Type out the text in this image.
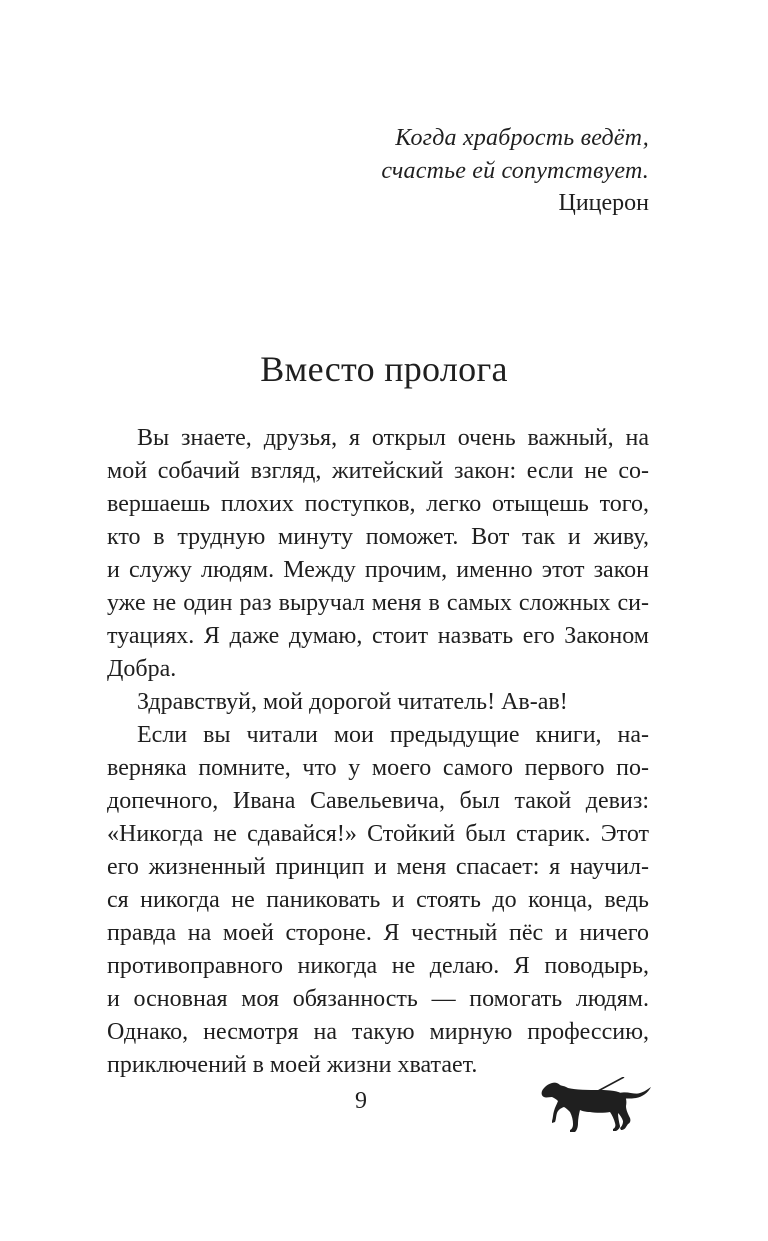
Когда храбрость ведёт,
счастье ей сопутствует.
Цицерон
Вместо пролога
Вы знаете, друзья, я открыл очень важный, на
мой собачий взгляд, житейский закон: если не со-
вершаешь плохих поступков, легко отыщешь того,
кто в трудную минуту поможет. Вот так и живу,
и служу людям. Между прочим, именно этот закон
уже не один раз выручал меня в самых сложных си-
туациях. Я даже думаю, стоит назвать его Законом
Добра.
Здравствуй, мой дорогой читатель! Ав-ав!
Если вы читали мои предыдущие книги, на-
верняка помните, что у моего самого первого по-
допечного, Ивана Савельевича, был такой девиз:
«Никогда не сдавайся!» Стойкий был старик. Этот
его жизненный принцип и меня спасает: я научил-
ся никогда не паниковать и стоять до конца, ведь
правда на моей стороне. Я честный пёс и ничего
противоправного никогда не делаю. Я поводырь,
и основная моя обязанность — помогать людям.
Однако, несмотря на такую мирную профессию,
приключений в моей жизни хватает.
9
